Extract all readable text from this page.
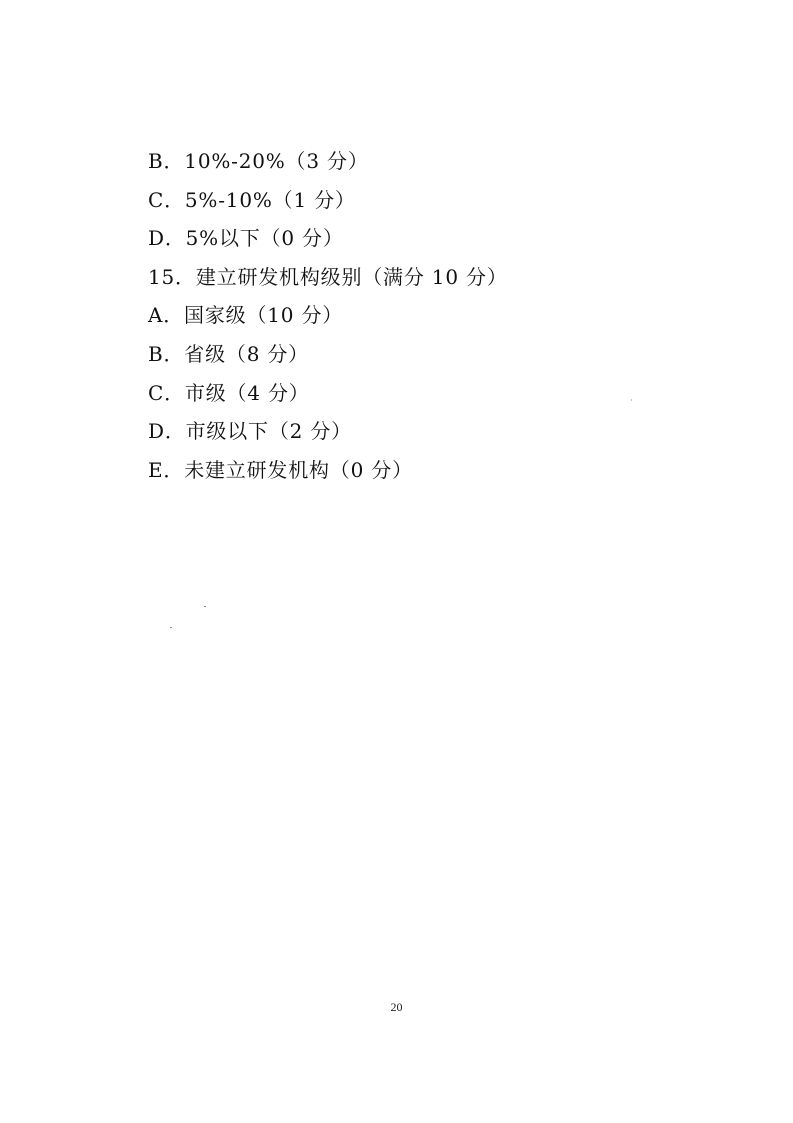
B．10%-20%（3 分）
C．5%-10%（1 分）
D．5%以下（0 分）
15．建立研发机构级别（满分 10 分）
A．国家级（10 分）
B．省级（8 分）
C．市级（4 分）
D．市级以下（2 分）
E．未建立研发机构（0 分）
20
